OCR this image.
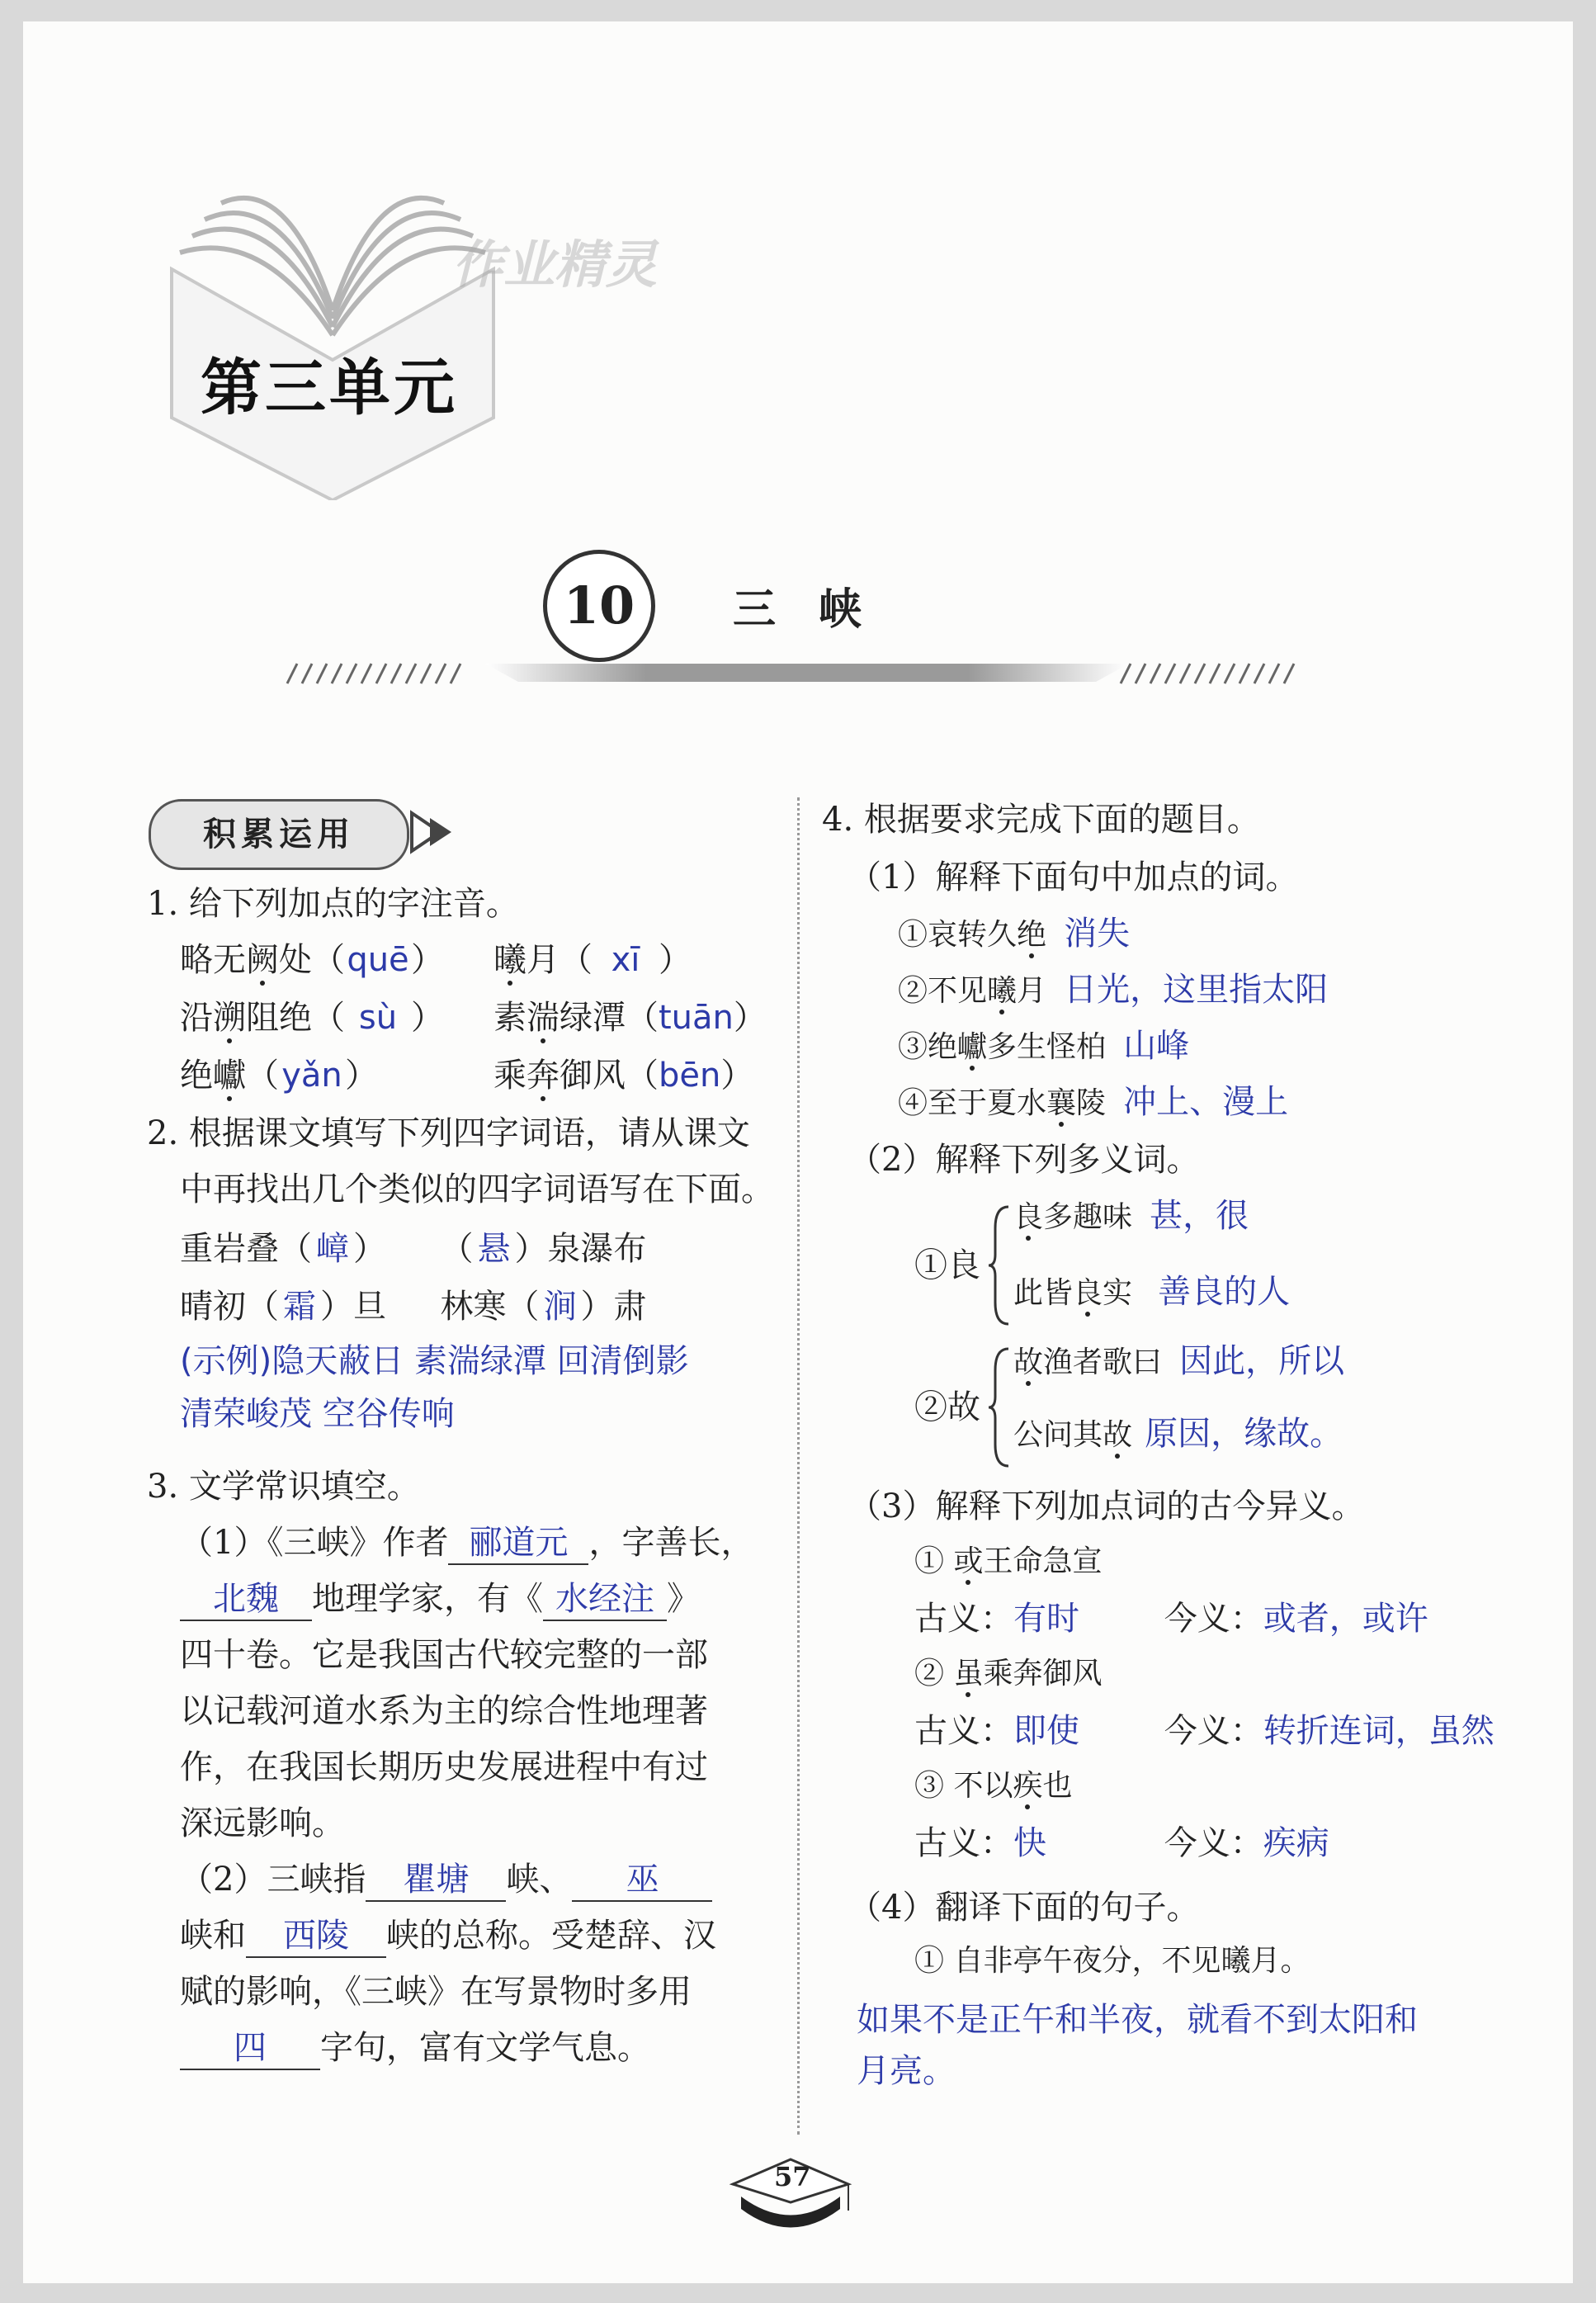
第三单元
作业精灵
10	三　峡
积累运用
1. 给下列加点的字注音。
略无阙处（quē） 曦月（ xī ）
沿溯阻绝（ sù ） 素湍绿潭（tuān）
绝巘（yǎn）	乘奔御风（bēn）
2. 根据课文填写下列四字词语，请从课文
中再找出几个类似的四字词语写在下面。
重岩叠（ 嶂 ） （ 悬 ）泉瀑布
晴初（ 霜 ）旦 林寒（ 涧 ）肃
(示例)隐天蔽日 素湍绿潭 回清倒影
清荣峻茂 空谷传响
3. 文学常识填空。
（1）《三峡》作者 郦道元 ，字善长，
北魏 地理学家，有《 水经注 》
四十卷。它是我国古代较完整的一部
以记载河道水系为主的综合性地理著
作，在我国长期历史发展进程中有过
深远影响。
（2）三峡指 瞿塘 峡、 巫
峡和 西陵 峡的总称。受楚辞、汉
赋的影响，《三峡》在写景物时多用
四 字句，富有文学气息。
4. 根据要求完成下面的题目。
（1）解释下面句中加点的词。
①哀转久绝 消失
②不见曦月 日光，这里指太阳
③绝巘多生怪柏 山峰
④至于夏水襄陵 冲上、漫上
（2）解释下列多义词。
①良
良多趣味 甚，很
此皆良实 善良的人
②故
故渔者歌曰 因此，所以
公问其故 原因，缘故。
（3）解释下列加点词的古今异义。
① 或王命急宣
古义：有时	今义：或者，或许
② 虽乘奔御风
古义：即使	今义：转折连词，虽然
③ 不以疾也
古义：快	今义：疾病
（4）翻译下面的句子。
① 自非亭午夜分，不见曦月。
如果不是正午和半夜，就看不到太阳和
月亮。
57
